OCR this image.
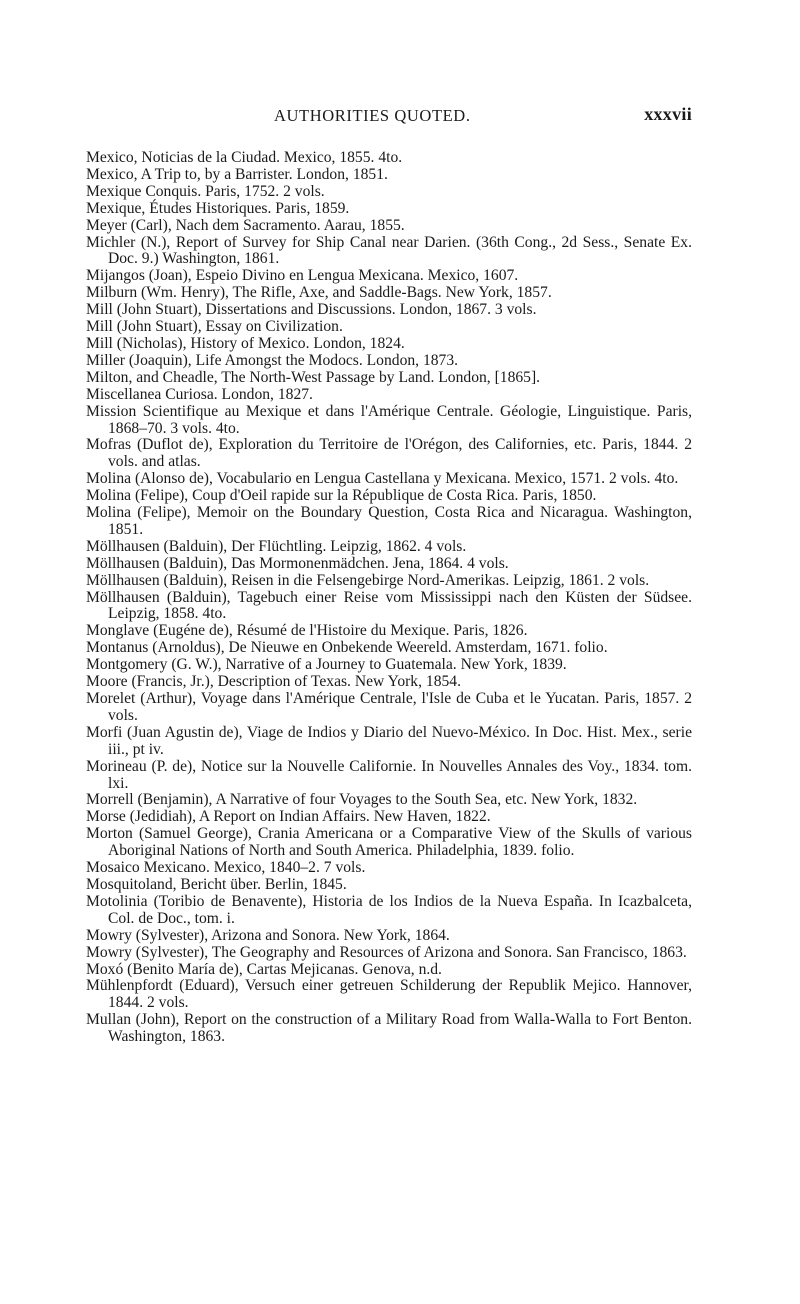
AUTHORITIES QUOTED.	xxxvii
Mexico, Noticias de la Ciudad. Mexico, 1855. 4to.
Mexico, A Trip to, by a Barrister. London, 1851.
Mexique Conquis. Paris, 1752. 2 vols.
Mexique, Études Historiques. Paris, 1859.
Meyer (Carl), Nach dem Sacramento. Aarau, 1855.
Michler (N.), Report of Survey for Ship Canal near Darien. (36th Cong., 2d Sess., Senate Ex. Doc. 9.) Washington, 1861.
Mijangos (Joan), Espeio Divino en Lengua Mexicana. Mexico, 1607.
Milburn (Wm. Henry), The Rifle, Axe, and Saddle-Bags. New York, 1857.
Mill (John Stuart), Dissertations and Discussions. London, 1867. 3 vols.
Mill (John Stuart), Essay on Civilization.
Mill (Nicholas), History of Mexico. London, 1824.
Miller (Joaquin), Life Amongst the Modocs. London, 1873.
Milton, and Cheadle, The North-West Passage by Land. London, [1865].
Miscellanea Curiosa. London, 1827.
Mission Scientifique au Mexique et dans l'Amérique Centrale. Géologie, Linguistique. Paris, 1868–70. 3 vols. 4to.
Mofras (Duflot de), Exploration du Territoire de l'Orégon, des Californies, etc. Paris, 1844. 2 vols. and atlas.
Molina (Alonso de), Vocabulario en Lengua Castellana y Mexicana. Mexico, 1571. 2 vols. 4to.
Molina (Felipe), Coup d'Oeil rapide sur la République de Costa Rica. Paris, 1850.
Molina (Felipe), Memoir on the Boundary Question, Costa Rica and Nicaragua. Washington, 1851.
Möllhausen (Balduin), Der Flüchtling. Leipzig, 1862. 4 vols.
Möllhausen (Balduin), Das Mormonenmädchen. Jena, 1864. 4 vols.
Möllhausen (Balduin), Reisen in die Felsengebirge Nord-Amerikas. Leipzig, 1861. 2 vols.
Möllhausen (Balduin), Tagebuch einer Reise vom Mississippi nach den Küsten der Südsee. Leipzig, 1858. 4to.
Monglave (Eugéne de), Résumé de l'Histoire du Mexique. Paris, 1826.
Montanus (Arnoldus), De Nieuwe en Onbekende Weereld. Amsterdam, 1671. folio.
Montgomery (G. W.), Narrative of a Journey to Guatemala. New York, 1839.
Moore (Francis, Jr.), Description of Texas. New York, 1854.
Morelet (Arthur), Voyage dans l'Amérique Centrale, l'Isle de Cuba et le Yucatan. Paris, 1857. 2 vols.
Morfi (Juan Agustin de), Viage de Indios y Diario del Nuevo-México. In Doc. Hist. Mex., serie iii., pt iv.
Morineau (P. de), Notice sur la Nouvelle Californie. In Nouvelles Annales des Voy., 1834. tom. lxi.
Morrell (Benjamin), A Narrative of four Voyages to the South Sea, etc. New York, 1832.
Morse (Jedidiah), A Report on Indian Affairs. New Haven, 1822.
Morton (Samuel George), Crania Americana or a Comparative View of the Skulls of various Aboriginal Nations of North and South America. Philadelphia, 1839. folio.
Mosaico Mexicano. Mexico, 1840–2. 7 vols.
Mosquitoland, Bericht über. Berlin, 1845.
Motolinia (Toribio de Benavente), Historia de los Indios de la Nueva España. In Icazbalceta, Col. de Doc., tom. i.
Mowry (Sylvester), Arizona and Sonora. New York, 1864.
Mowry (Sylvester), The Geography and Resources of Arizona and Sonora. San Francisco, 1863.
Moxó (Benito María de), Cartas Mejicanas. Genova, n.d.
Mühlenpfordt (Eduard), Versuch einer getreuen Schilderung der Republik Mejico. Hannover, 1844. 2 vols.
Mullan (John), Report on the construction of a Military Road from Walla-Walla to Fort Benton. Washington, 1863.
